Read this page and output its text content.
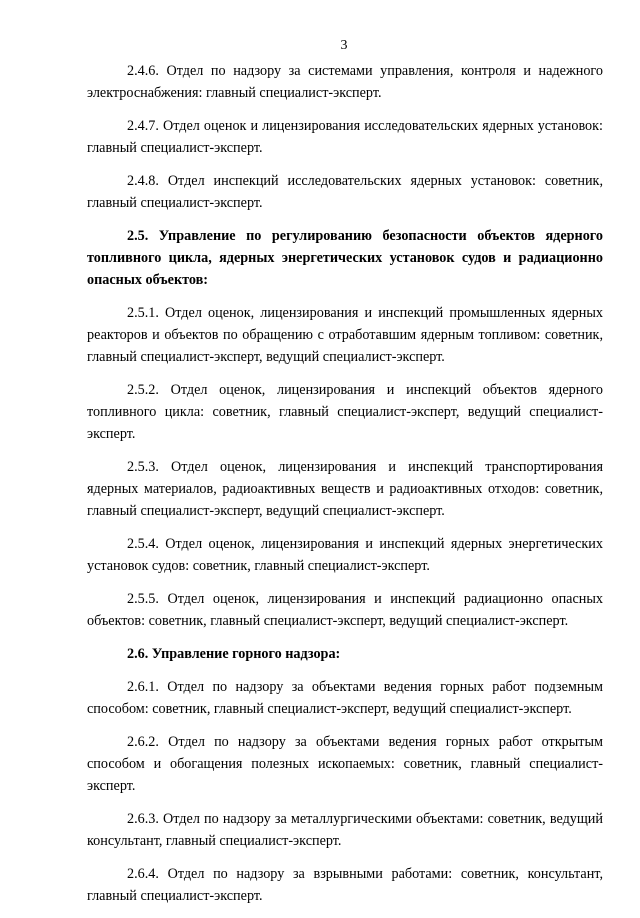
3

2.4.6. Отдел по надзору за системами управления, контроля и надежного электроснабжения: главный специалист-эксперт.

2.4.7. Отдел оценок и лицензирования исследовательских ядерных установок: главный специалист-эксперт.

2.4.8. Отдел инспекций исследовательских ядерных установок: советник, главный специалист-эксперт.

2.5. Управление по регулированию безопасности объектов ядерного топливного цикла, ядерных энергетических установок судов и радиационно опасных объектов:

2.5.1. Отдел оценок, лицензирования и инспекций промышленных ядерных реакторов и объектов по обращению с отработавшим ядерным топливом: советник, главный специалист-эксперт, ведущий специалист-эксперт.

2.5.2. Отдел оценок, лицензирования и инспекций объектов ядерного топливного цикла: советник, главный специалист-эксперт, ведущий специалист-эксперт.

2.5.3. Отдел оценок, лицензирования и инспекций транспортирования ядерных материалов, радиоактивных веществ и радиоактивных отходов: советник, главный специалист-эксперт, ведущий специалист-эксперт.

2.5.4. Отдел оценок, лицензирования и инспекций ядерных энергетических установок судов: советник, главный специалист-эксперт.

2.5.5. Отдел оценок, лицензирования и инспекций радиационно опасных объектов: советник, главный специалист-эксперт, ведущий специалист-эксперт.

2.6. Управление горного надзора:

2.6.1. Отдел по надзору за объектами ведения горных работ подземным способом: советник, главный специалист-эксперт, ведущий специалист-эксперт.

2.6.2. Отдел по надзору за объектами ведения горных работ открытым способом и обогащения полезных ископаемых: советник, главный специалист-эксперт.

2.6.3. Отдел по надзору за металлургическими объектами: советник, ведущий консультант, главный специалист-эксперт.

2.6.4. Отдел по надзору за взрывными работами: советник, консультант, главный специалист-эксперт.
